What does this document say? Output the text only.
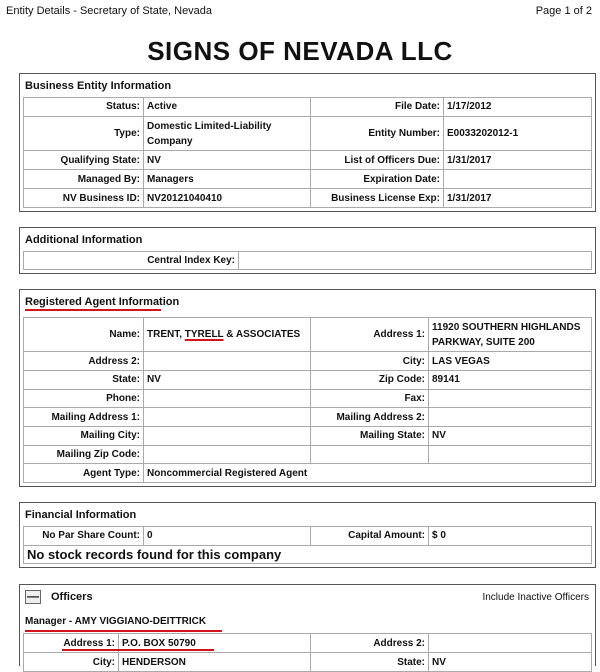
Entity Details - Secretary of State, Nevada	Page 1 of 2
SIGNS OF NEVADA LLC
Business Entity Information
Status:	Active	File Date:	1/17/2012
Type:	Domestic Limited-Liability Company	Entity Number:	E0033202012-1
Qualifying State:	NV	List of Officers Due:	1/31/2017
Managed By:	Managers	Expiration Date:	
NV Business ID:	NV20121040410	Business License Exp:	1/31/2017
Additional Information
Central Index Key:	
Registered Agent Information
Name:	TRENT, TYRELL & ASSOCIATES	Address 1:	11920 SOUTHERN HIGHLANDS PARKWAY, SUITE 200
Address 2:		City:	LAS VEGAS
State:	NV	Zip Code:	89141
Phone:		Fax:	
Mailing Address 1:		Mailing Address 2:	
Mailing City:		Mailing State:	NV
Mailing Zip Code:			
Agent Type:	Noncommercial Registered Agent		
Financial Information
No Par Share Count:	0	Capital Amount:	$ 0
No stock records found for this company
— Officers	Include Inactive Officers
Manager - AMY VIGGIANO-DEITTRICK
Address 1:	P.O. BOX 50790	Address 2:	
City:	HENDERSON	State:	NV
